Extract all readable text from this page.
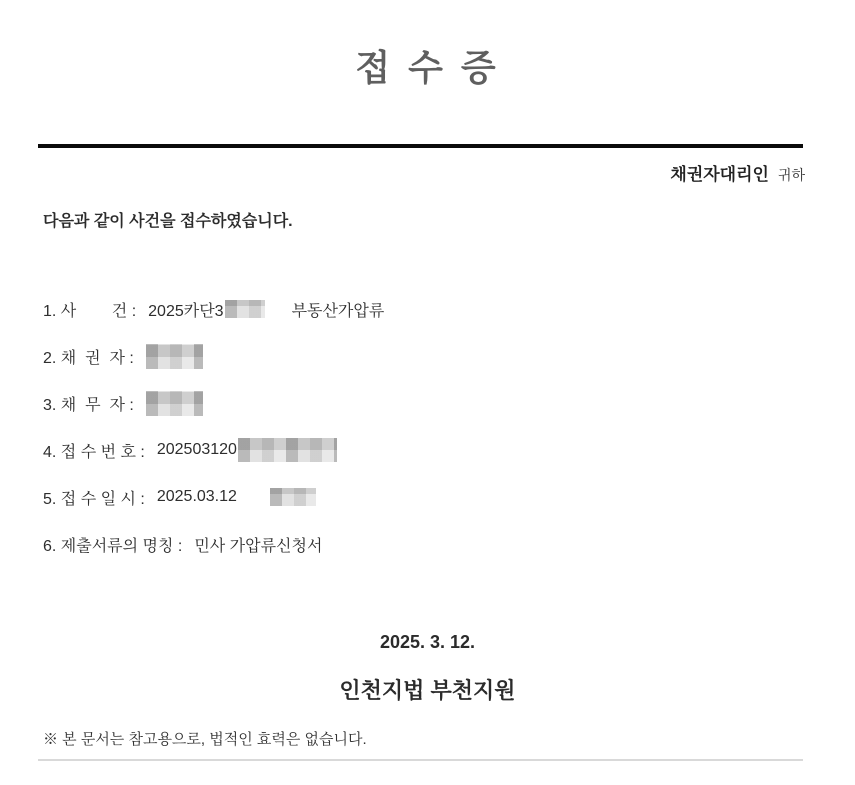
접 수 증
채권자대리인 귀하
다음과 같이 사건을 접수하였습니다.
1. 사        건 : 2025카단3	부동산가압류
2. 채  권  자 :
3. 채  무  자 :
4. 접 수 번 호 : 202503120
5. 접 수 일 시 : 2025.03.12
6. 제출서류의 명칭 : 민사 가압류신청서
2025. 3. 12.
인천지법 부천지원
※ 본 문서는 참고용으로, 법적인 효력은 없습니다.
